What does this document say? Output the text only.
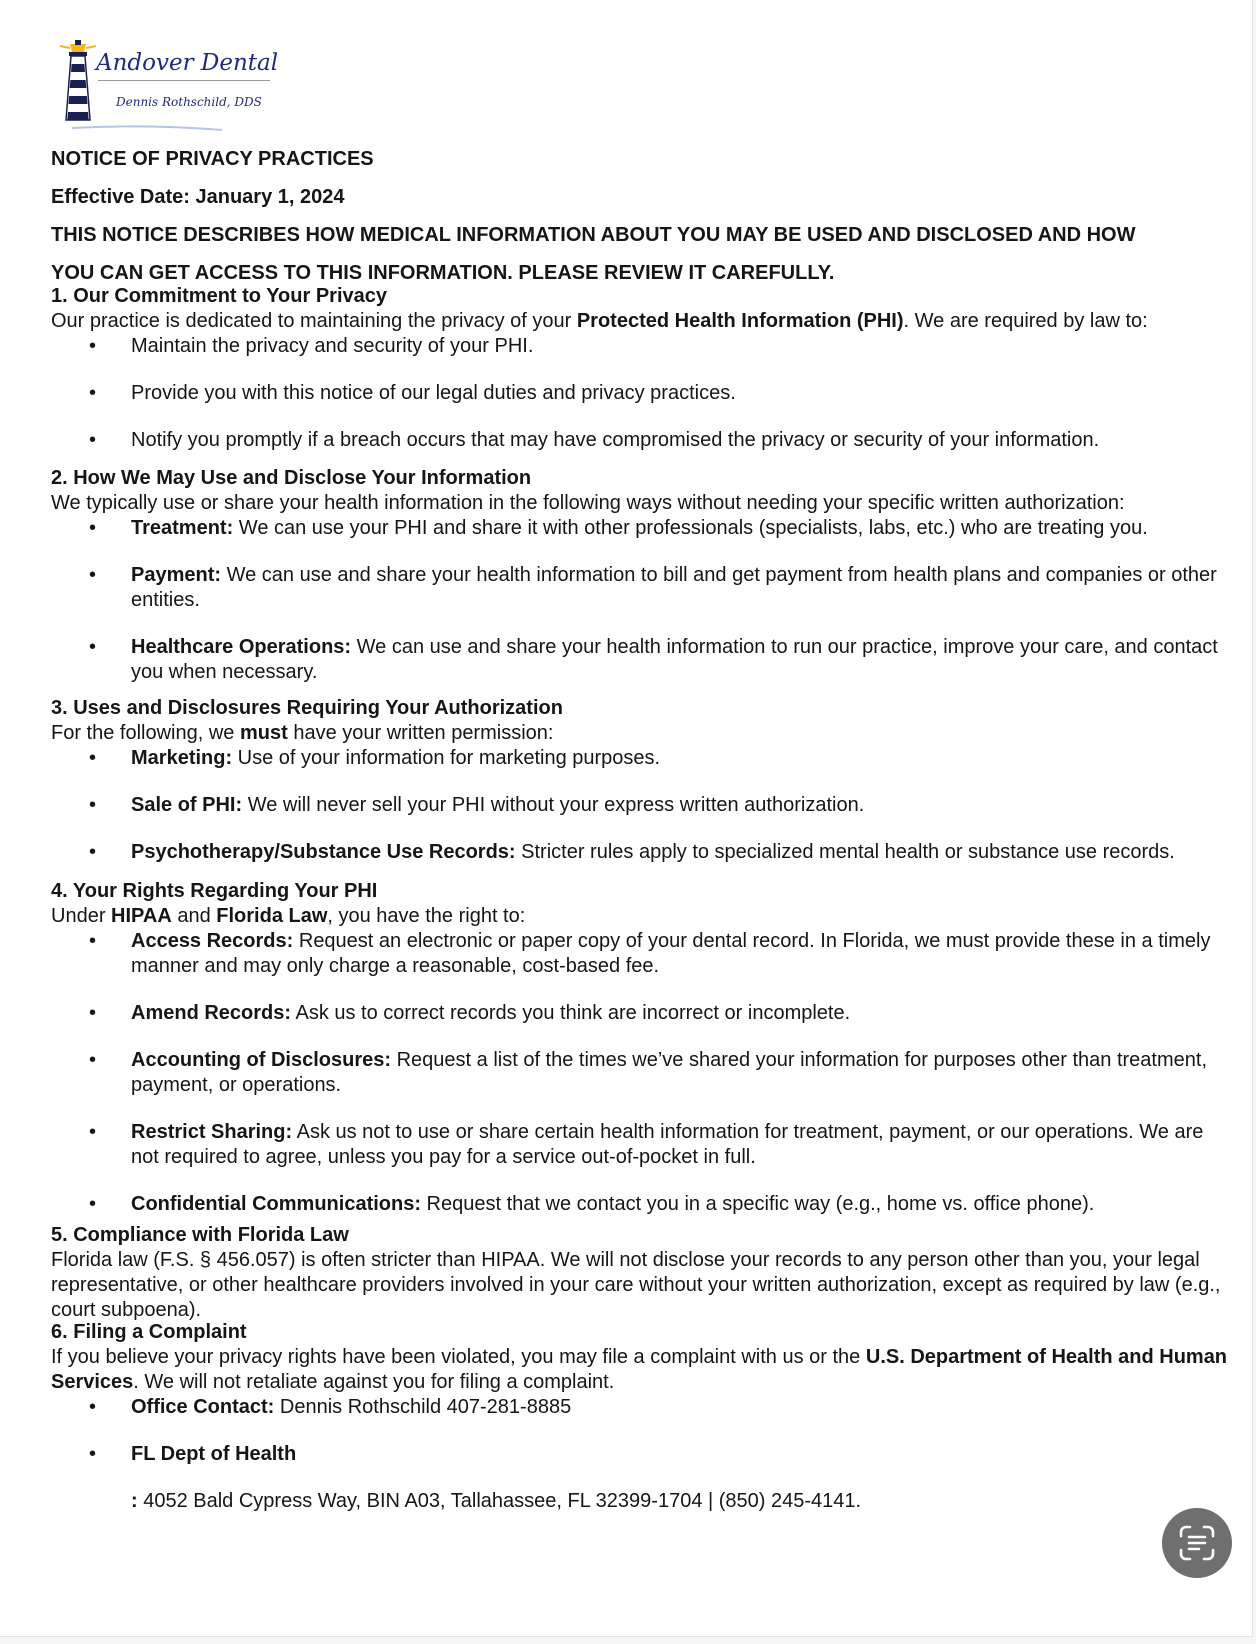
Andover Dental
Dennis Rothschild, DDS
NOTICE OF PRIVACY PRACTICES
Effective Date: January 1, 2024
THIS NOTICE DESCRIBES HOW MEDICAL INFORMATION ABOUT YOU MAY BE USED AND DISCLOSED AND HOW
YOU CAN GET ACCESS TO THIS INFORMATION. PLEASE REVIEW IT CAREFULLY.
1. Our Commitment to Your Privacy
Our practice is dedicated to maintaining the privacy of your Protected Health Information (PHI). We are required by law to:
• Maintain the privacy and security of your PHI.
• Provide you with this notice of our legal duties and privacy practices.
• Notify you promptly if a breach occurs that may have compromised the privacy or security of your information.
2. How We May Use and Disclose Your Information
We typically use or share your health information in the following ways without needing your specific written authorization:
• Treatment: We can use your PHI and share it with other professionals (specialists, labs, etc.) who are treating you.
• Payment: We can use and share your health information to bill and get payment from health plans and companies or other entities.
• Healthcare Operations: We can use and share your health information to run our practice, improve your care, and contact you when necessary.
3. Uses and Disclosures Requiring Your Authorization
For the following, we must have your written permission:
• Marketing: Use of your information for marketing purposes.
• Sale of PHI: We will never sell your PHI without your express written authorization.
• Psychotherapy/Substance Use Records: Stricter rules apply to specialized mental health or substance use records.
4. Your Rights Regarding Your PHI
Under HIPAA and Florida Law, you have the right to:
• Access Records: Request an electronic or paper copy of your dental record. In Florida, we must provide these in a timely manner and may only charge a reasonable, cost-based fee.
• Amend Records: Ask us to correct records you think are incorrect or incomplete.
• Accounting of Disclosures: Request a list of the times we’ve shared your information for purposes other than treatment, payment, or operations.
• Restrict Sharing: Ask us not to use or share certain health information for treatment, payment, or our operations. We are not required to agree, unless you pay for a service out-of-pocket in full.
• Confidential Communications: Request that we contact you in a specific way (e.g., home vs. office phone).
5. Compliance with Florida Law
Florida law (F.S. § 456.057) is often stricter than HIPAA. We will not disclose your records to any person other than you, your legal representative, or other healthcare providers involved in your care without your written authorization, except as required by law (e.g., court subpoena).
6. Filing a Complaint
If you believe your privacy rights have been violated, you may file a complaint with us or the U.S. Department of Health and Human Services. We will not retaliate against you for filing a complaint.
• Office Contact: Dennis Rothschild 407-281-8885
• FL Dept of Health
: 4052 Bald Cypress Way, BIN A03, Tallahassee, FL 32399-1704 | (850) 245-4141.
